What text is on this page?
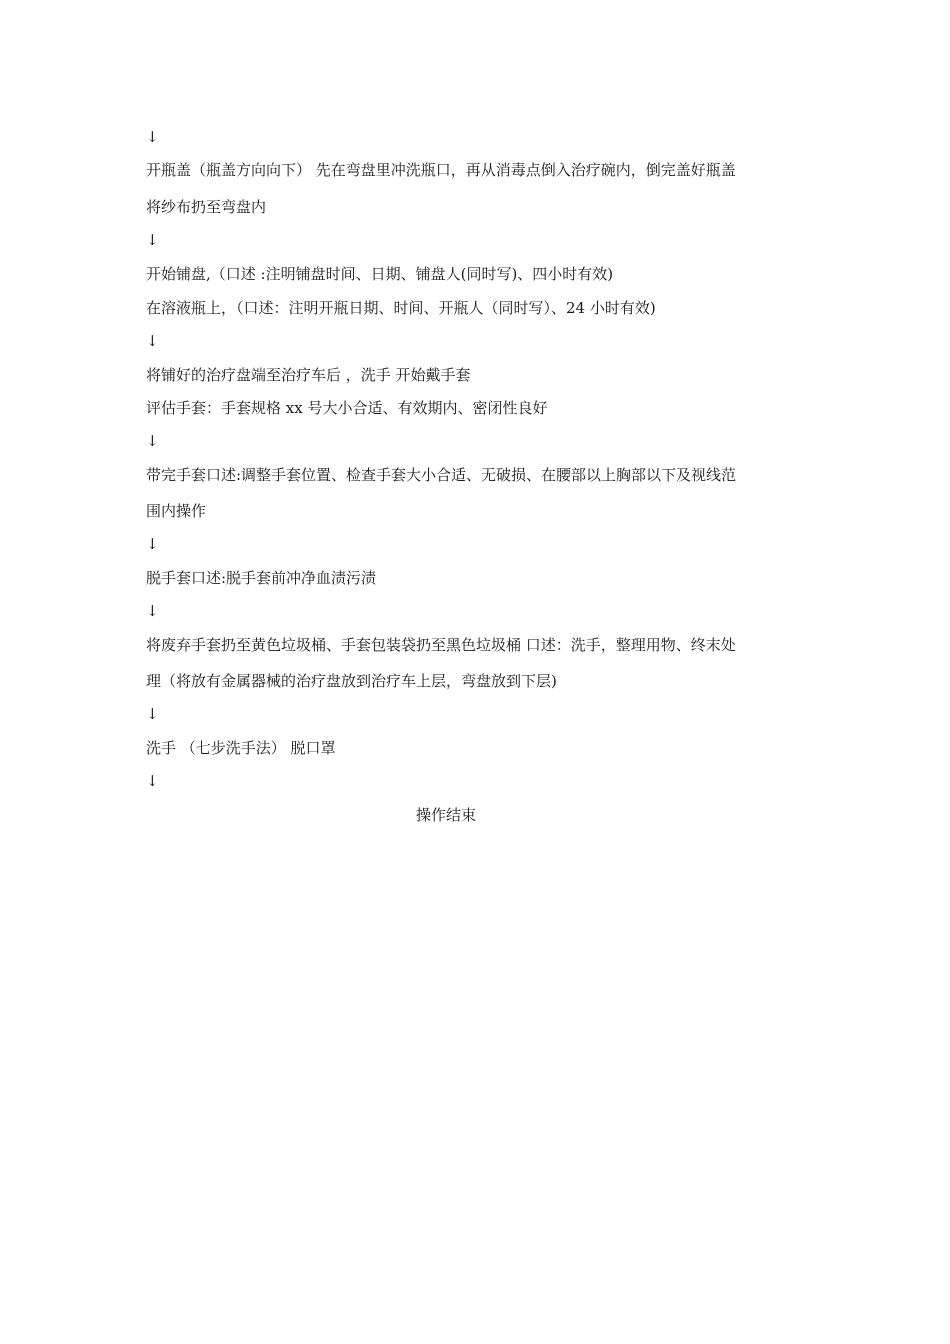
↓
开瓶盖（瓶盖方向向下） 先在弯盘里冲洗瓶口，再从消毒点倒入治疗碗内，倒完盖好瓶盖
将纱布扔至弯盘内
↓
开始铺盘,（口述 :注明铺盘时间、日期、铺盘人(同时写)、四小时有效)
在溶液瓶上，（口述：注明开瓶日期、时间、开瓶人（同时写）、24 小时有效)
↓
将铺好的治疗盘端至治疗车后 ，洗手 开始戴手套
评估手套：手套规格 xx 号大小合适、有效期内、密闭性良好
↓
带完手套口述:调整手套位置、检查手套大小合适、无破损、在腰部以上胸部以下及视线范
围内操作
↓
脱手套口述:脱手套前冲净血渍污渍
↓
将废弃手套扔至黄色垃圾桶、手套包装袋扔至黑色垃圾桶 口述：洗手，整理用物、终末处
理（将放有金属器械的治疗盘放到治疗车上层，弯盘放到下层)
↓
洗手 （七步洗手法） 脱口罩
↓
操作结束
